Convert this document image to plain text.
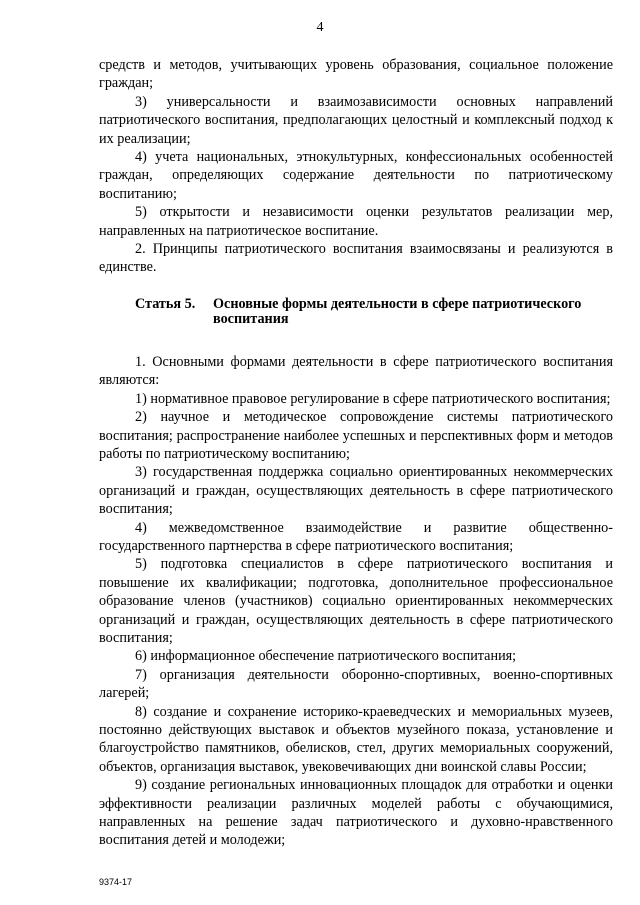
4

средств и методов, учитывающих уровень образования, социальное положение граждан;

3) универсальности и взаимозависимости основных направлений патриотического воспитания, предполагающих целостный и комплексный подход к их реализации;

4) учета национальных, этнокультурных, конфессиональных особенностей граждан, определяющих содержание деятельности по патриотическому воспитанию;

5) открытости и независимости оценки результатов реализации мер, направленных на патриотическое воспитание.

2. Принципы патриотического воспитания взаимосвязаны и реализуются в единстве.

Статья 5.	Основные формы деятельности в сфере патриотического воспитания

1. Основными формами деятельности в сфере патриотического воспитания являются:

1) нормативное правовое регулирование в сфере патриотического воспитания;

2) научное и методическое сопровождение системы патриотического воспитания; распространение наиболее успешных и перспективных форм и методов работы по патриотическому воспитанию;

3) государственная поддержка социально ориентированных некоммерческих организаций и граждан, осуществляющих деятельность в сфере патриотического воспитания;

4) межведомственное взаимодействие и развитие общественно-государственного партнерства в сфере патриотического воспитания;

5) подготовка специалистов в сфере патриотического воспитания и повышение их квалификации; подготовка, дополнительное профессиональное образование членов (участников) социально ориентированных некоммерческих организаций и граждан, осуществляющих деятельность в сфере патриотического воспитания;

6) информационное обеспечение патриотического воспитания;

7) организация деятельности оборонно-спортивных, военно-спортивных лагерей;

8) создание и сохранение историко-краеведческих и мемориальных музеев, постоянно действующих выставок и объектов музейного показа, установление и благоустройство памятников, обелисков, стел, других мемориальных сооружений, объектов, организация выставок, увековечивающих дни воинской славы России;

9) создание региональных инновационных площадок для отработки и оценки эффективности реализации различных моделей работы с обучающимися, направленных на решение задач патриотического и духовно-нравственного воспитания детей и молодежи;

9374-17
